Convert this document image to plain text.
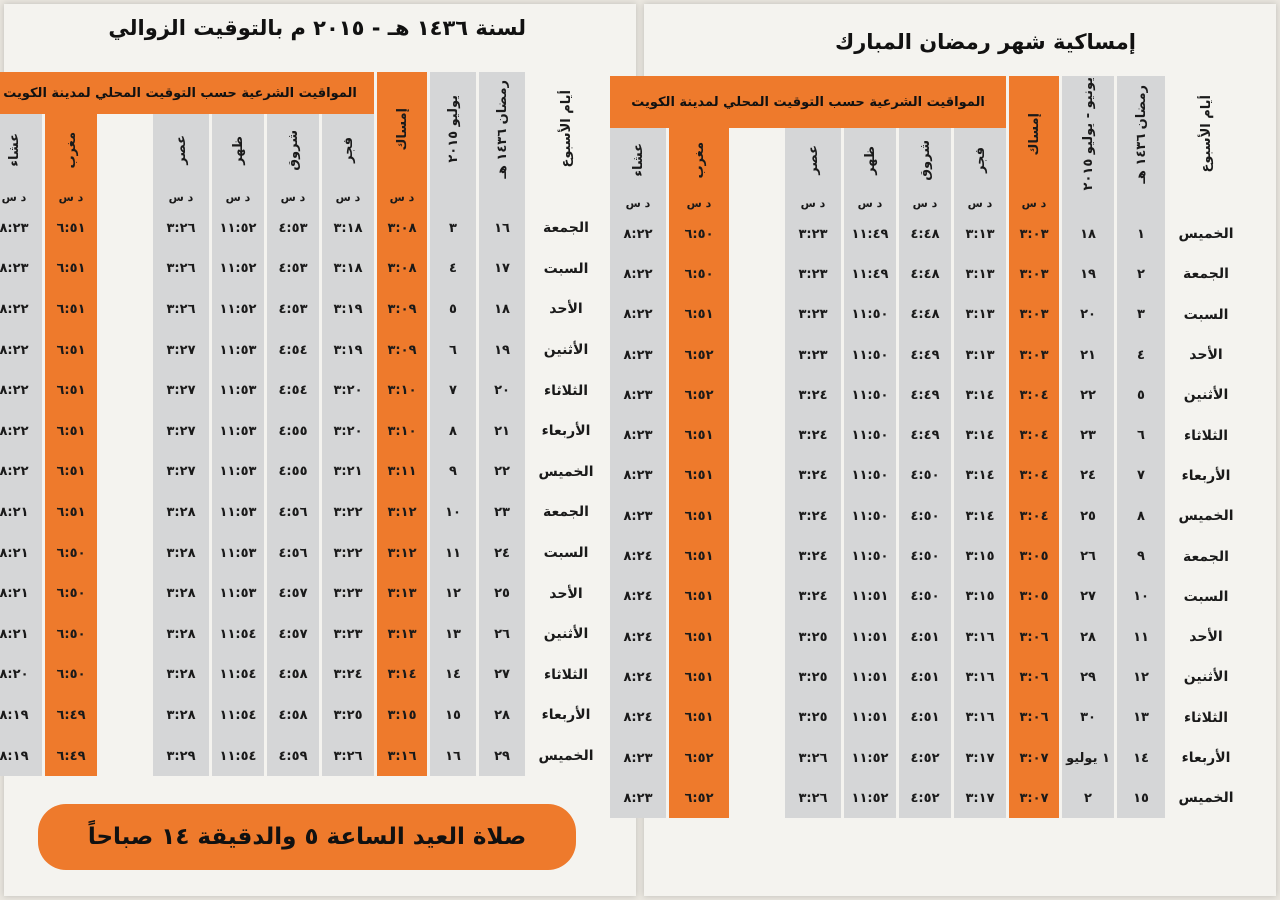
لسنة ١٤٣٦ هـ - ٢٠١٥ م بالتوقيت الزوالي
أيام الأسبوع
رمضان ١٤٣٦ هـ
يوليو ٢٠١٥
إمساك
المواقيت الشرعية حسب التوقيت المحلي لمدينة الكويت
فجر
شروق
ظهر
عصر
مغرب
عشاء
د س
د س
د س
د س
د س
د س
د س
الجمعة
١٦
٣
٣:٠٨
٣:١٨
٤:٥٣
١١:٥٢
٣:٢٦
٦:٥١
٨:٢٣
السبت
١٧
٤
٣:٠٨
٣:١٨
٤:٥٣
١١:٥٢
٣:٢٦
٦:٥١
٨:٢٣
الأحد
١٨
٥
٣:٠٩
٣:١٩
٤:٥٣
١١:٥٢
٣:٢٦
٦:٥١
٨:٢٢
الأثنين
١٩
٦
٣:٠٩
٣:١٩
٤:٥٤
١١:٥٣
٣:٢٧
٦:٥١
٨:٢٢
الثلاثاء
٢٠
٧
٣:١٠
٣:٢٠
٤:٥٤
١١:٥٣
٣:٢٧
٦:٥١
٨:٢٢
الأربعاء
٢١
٨
٣:١٠
٣:٢٠
٤:٥٥
١١:٥٣
٣:٢٧
٦:٥١
٨:٢٢
الخميس
٢٢
٩
٣:١١
٣:٢١
٤:٥٥
١١:٥٣
٣:٢٧
٦:٥١
٨:٢٢
الجمعة
٢٣
١٠
٣:١٢
٣:٢٢
٤:٥٦
١١:٥٣
٣:٢٨
٦:٥١
٨:٢١
السبت
٢٤
١١
٣:١٢
٣:٢٢
٤:٥٦
١١:٥٣
٣:٢٨
٦:٥٠
٨:٢١
الأحد
٢٥
١٢
٣:١٣
٣:٢٣
٤:٥٧
١١:٥٣
٣:٢٨
٦:٥٠
٨:٢١
الأثنين
٢٦
١٣
٣:١٣
٣:٢٣
٤:٥٧
١١:٥٤
٣:٢٨
٦:٥٠
٨:٢١
الثلاثاء
٢٧
١٤
٣:١٤
٣:٢٤
٤:٥٨
١١:٥٤
٣:٢٨
٦:٥٠
٨:٢٠
الأربعاء
٢٨
١٥
٣:١٥
٣:٢٥
٤:٥٨
١١:٥٤
٣:٢٨
٦:٤٩
٨:١٩
الخميس
٢٩
١٦
٣:١٦
٣:٢٦
٤:٥٩
١١:٥٤
٣:٢٩
٦:٤٩
٨:١٩
صلاة العيد الساعة ٥ والدقيقة ١٤ صباحاً
إمساكية شهر رمضان المبارك
أيام الأسبوع
رمضان ١٤٣٦ هـ
يونيو - يوليو ٢٠١٥
إمساك
المواقيت الشرعية حسب التوقيت المحلي لمدينة الكويت
فجر
شروق
ظهر
عصر
مغرب
عشاء
د س
د س
د س
د س
د س
د س
د س
الخميس
١
١٨
٣:٠٣
٣:١٣
٤:٤٨
١١:٤٩
٣:٢٣
٦:٥٠
٨:٢٢
الجمعة
٢
١٩
٣:٠٣
٣:١٣
٤:٤٨
١١:٤٩
٣:٢٣
٦:٥٠
٨:٢٢
السبت
٣
٢٠
٣:٠٣
٣:١٣
٤:٤٨
١١:٥٠
٣:٢٣
٦:٥١
٨:٢٢
الأحد
٤
٢١
٣:٠٣
٣:١٣
٤:٤٩
١١:٥٠
٣:٢٣
٦:٥٢
٨:٢٣
الأثنين
٥
٢٢
٣:٠٤
٣:١٤
٤:٤٩
١١:٥٠
٣:٢٤
٦:٥٢
٨:٢٣
الثلاثاء
٦
٢٣
٣:٠٤
٣:١٤
٤:٤٩
١١:٥٠
٣:٢٤
٦:٥١
٨:٢٣
الأربعاء
٧
٢٤
٣:٠٤
٣:١٤
٤:٥٠
١١:٥٠
٣:٢٤
٦:٥١
٨:٢٣
الخميس
٨
٢٥
٣:٠٤
٣:١٤
٤:٥٠
١١:٥٠
٣:٢٤
٦:٥١
٨:٢٣
الجمعة
٩
٢٦
٣:٠٥
٣:١٥
٤:٥٠
١١:٥٠
٣:٢٤
٦:٥١
٨:٢٤
السبت
١٠
٢٧
٣:٠٥
٣:١٥
٤:٥٠
١١:٥١
٣:٢٤
٦:٥١
٨:٢٤
الأحد
١١
٢٨
٣:٠٦
٣:١٦
٤:٥١
١١:٥١
٣:٢٥
٦:٥١
٨:٢٤
الأثنين
١٢
٢٩
٣:٠٦
٣:١٦
٤:٥١
١١:٥١
٣:٢٥
٦:٥١
٨:٢٤
الثلاثاء
١٣
٣٠
٣:٠٦
٣:١٦
٤:٥١
١١:٥١
٣:٢٥
٦:٥١
٨:٢٤
الأربعاء
١٤
١ يوليو
٣:٠٧
٣:١٧
٤:٥٢
١١:٥٢
٣:٢٦
٦:٥٢
٨:٢٣
الخميس
١٥
٢
٣:٠٧
٣:١٧
٤:٥٢
١١:٥٢
٣:٢٦
٦:٥٢
٨:٢٣
